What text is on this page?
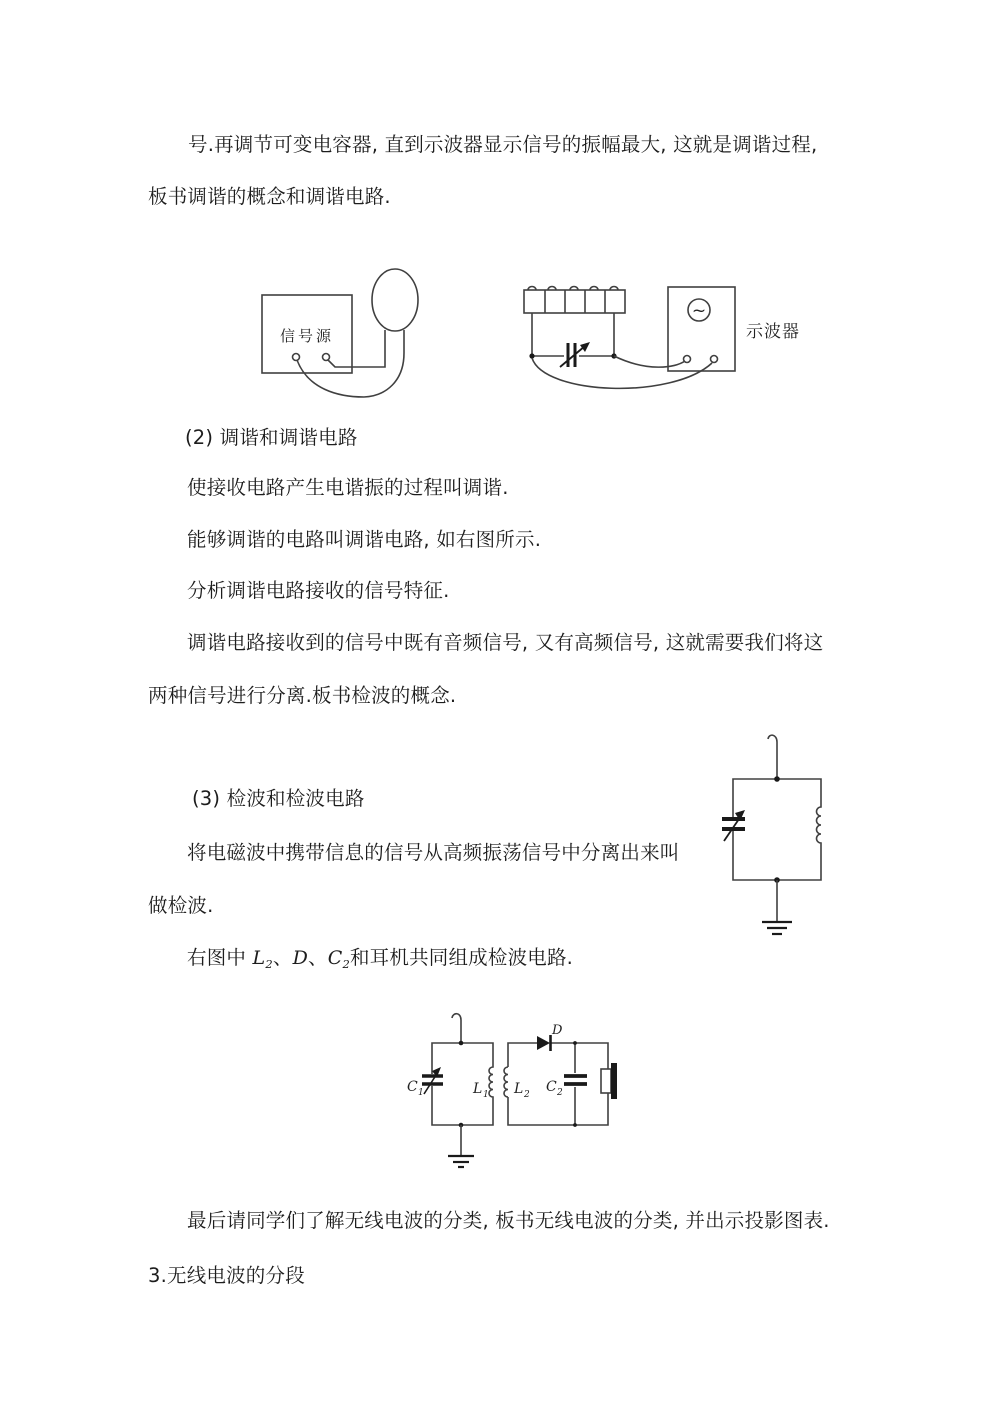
号.再调节可变电容器, 直到示波器显示信号的振幅最大, 这就是调谐过程,
板书调谐的概念和调谐电路.
(2) 调谐和调谐电路
使接收电路产生电谐振的过程叫调谐.
能够调谐的电路叫调谐电路, 如右图所示.
分析调谐电路接收的信号特征.
调谐电路接收到的信号中既有音频信号, 又有高频信号, 这就需要我们将这
两种信号进行分离.板书检波的概念.
(3) 检波和检波电路
将电磁波中携带信息的信号从高频振荡信号中分离出来叫
做检波.
右图中 $L_2$、D、$C_2$和耳机共同组成检波电路.
最后请同学们了解无线电波的分类, 板书无线电波的分类, 并出示投影图表.
3.无线电波的分段
信号源
~
示波器
C 1	L 1 L 2
D
C 2
